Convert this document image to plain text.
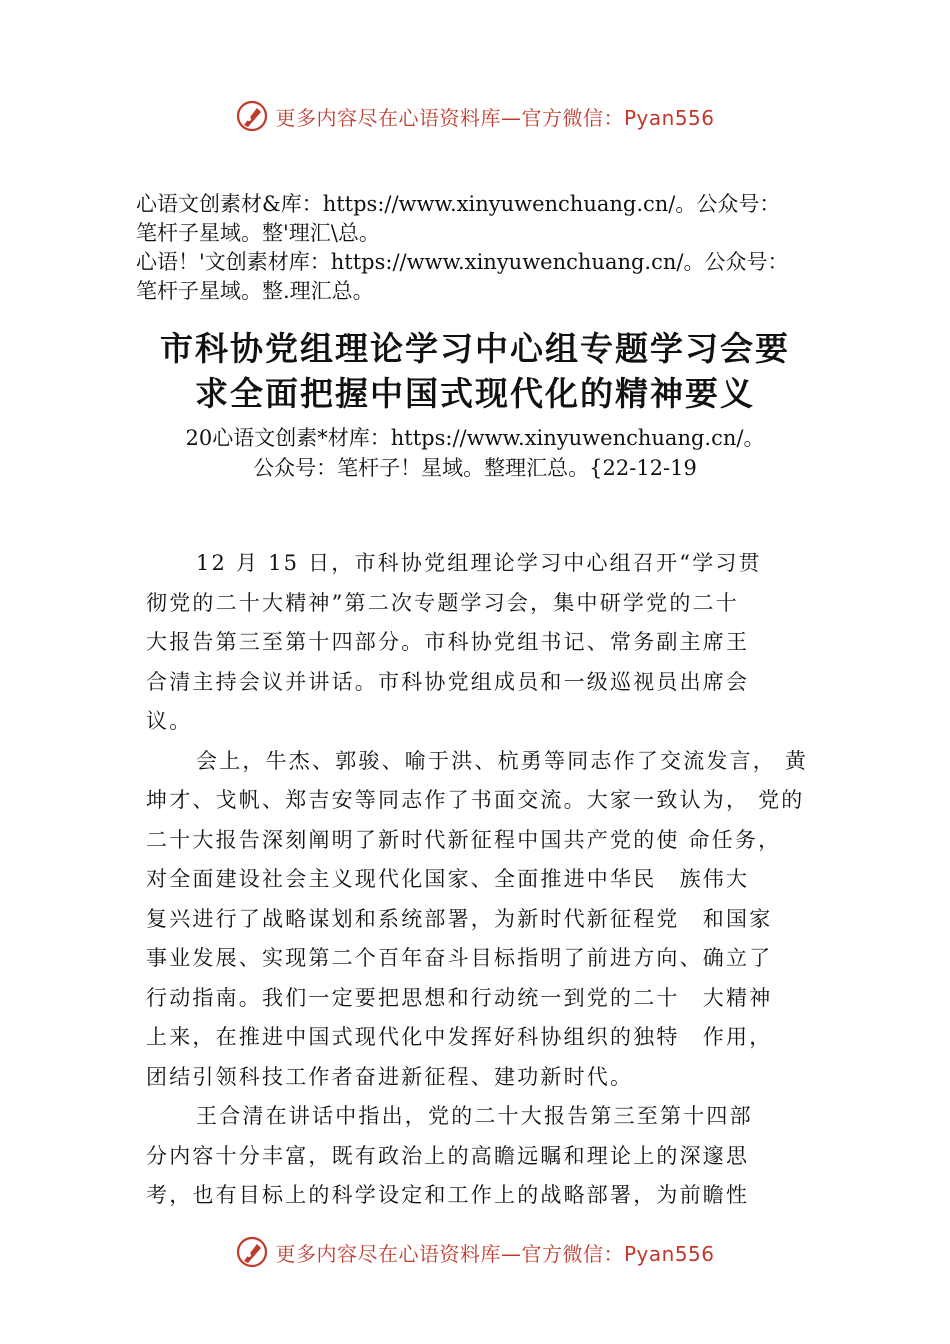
更多内容尽在心语资料库—官方微信：Pyan556
心语文创素材&库：https://www.xinyuwenchuang.cn/。公众号：
笔杆子星域。整'理汇\总。
心语！'文创素材库：https://www.xinyuwenchuang.cn/。公众号：
笔杆子星域。整.理汇总。
市科协党组理论学习中心组专题学习会要
求全面把握中国式现代化的精神要义
20心语文创素*材库：https://www.xinyuwenchuang.cn/。
公众号：笔杆子！星域。整理汇总。{22-12-19
12 月 15 日，市科协党组理论学习中心组召开“学习贯
彻党的二十大精神”第二次专题学习会，集中研学党的二十
大报告第三至第十四部分。市科协党组书记、常务副主席王
合清主持会议并讲话。市科协党组成员和一级巡视员出席会
议。
会上，牛杰、郭骏、喻于洪、杭勇等同志作了交流发言， 黄
坤才、戈帆、郑吉安等同志作了书面交流。大家一致认为， 党的
二十大报告深刻阐明了新时代新征程中国共产党的使 命任务，
对全面建设社会主义现代化国家、全面推进中华民　族伟大
复兴进行了战略谋划和系统部署，为新时代新征程党　和国家
事业发展、实现第二个百年奋斗目标指明了前进方向、确立了
行动指南。我们一定要把思想和行动统一到党的二十　大精神
上来，在推进中国式现代化中发挥好科协组织的独特　作用，
团结引领科技工作者奋进新征程、建功新时代。
王合清在讲话中指出，党的二十大报告第三至第十四部
分内容十分丰富，既有政治上的高瞻远瞩和理论上的深邃思
考，也有目标上的科学设定和工作上的战略部署，为前瞻性
更多内容尽在心语资料库—官方微信：Pyan556
